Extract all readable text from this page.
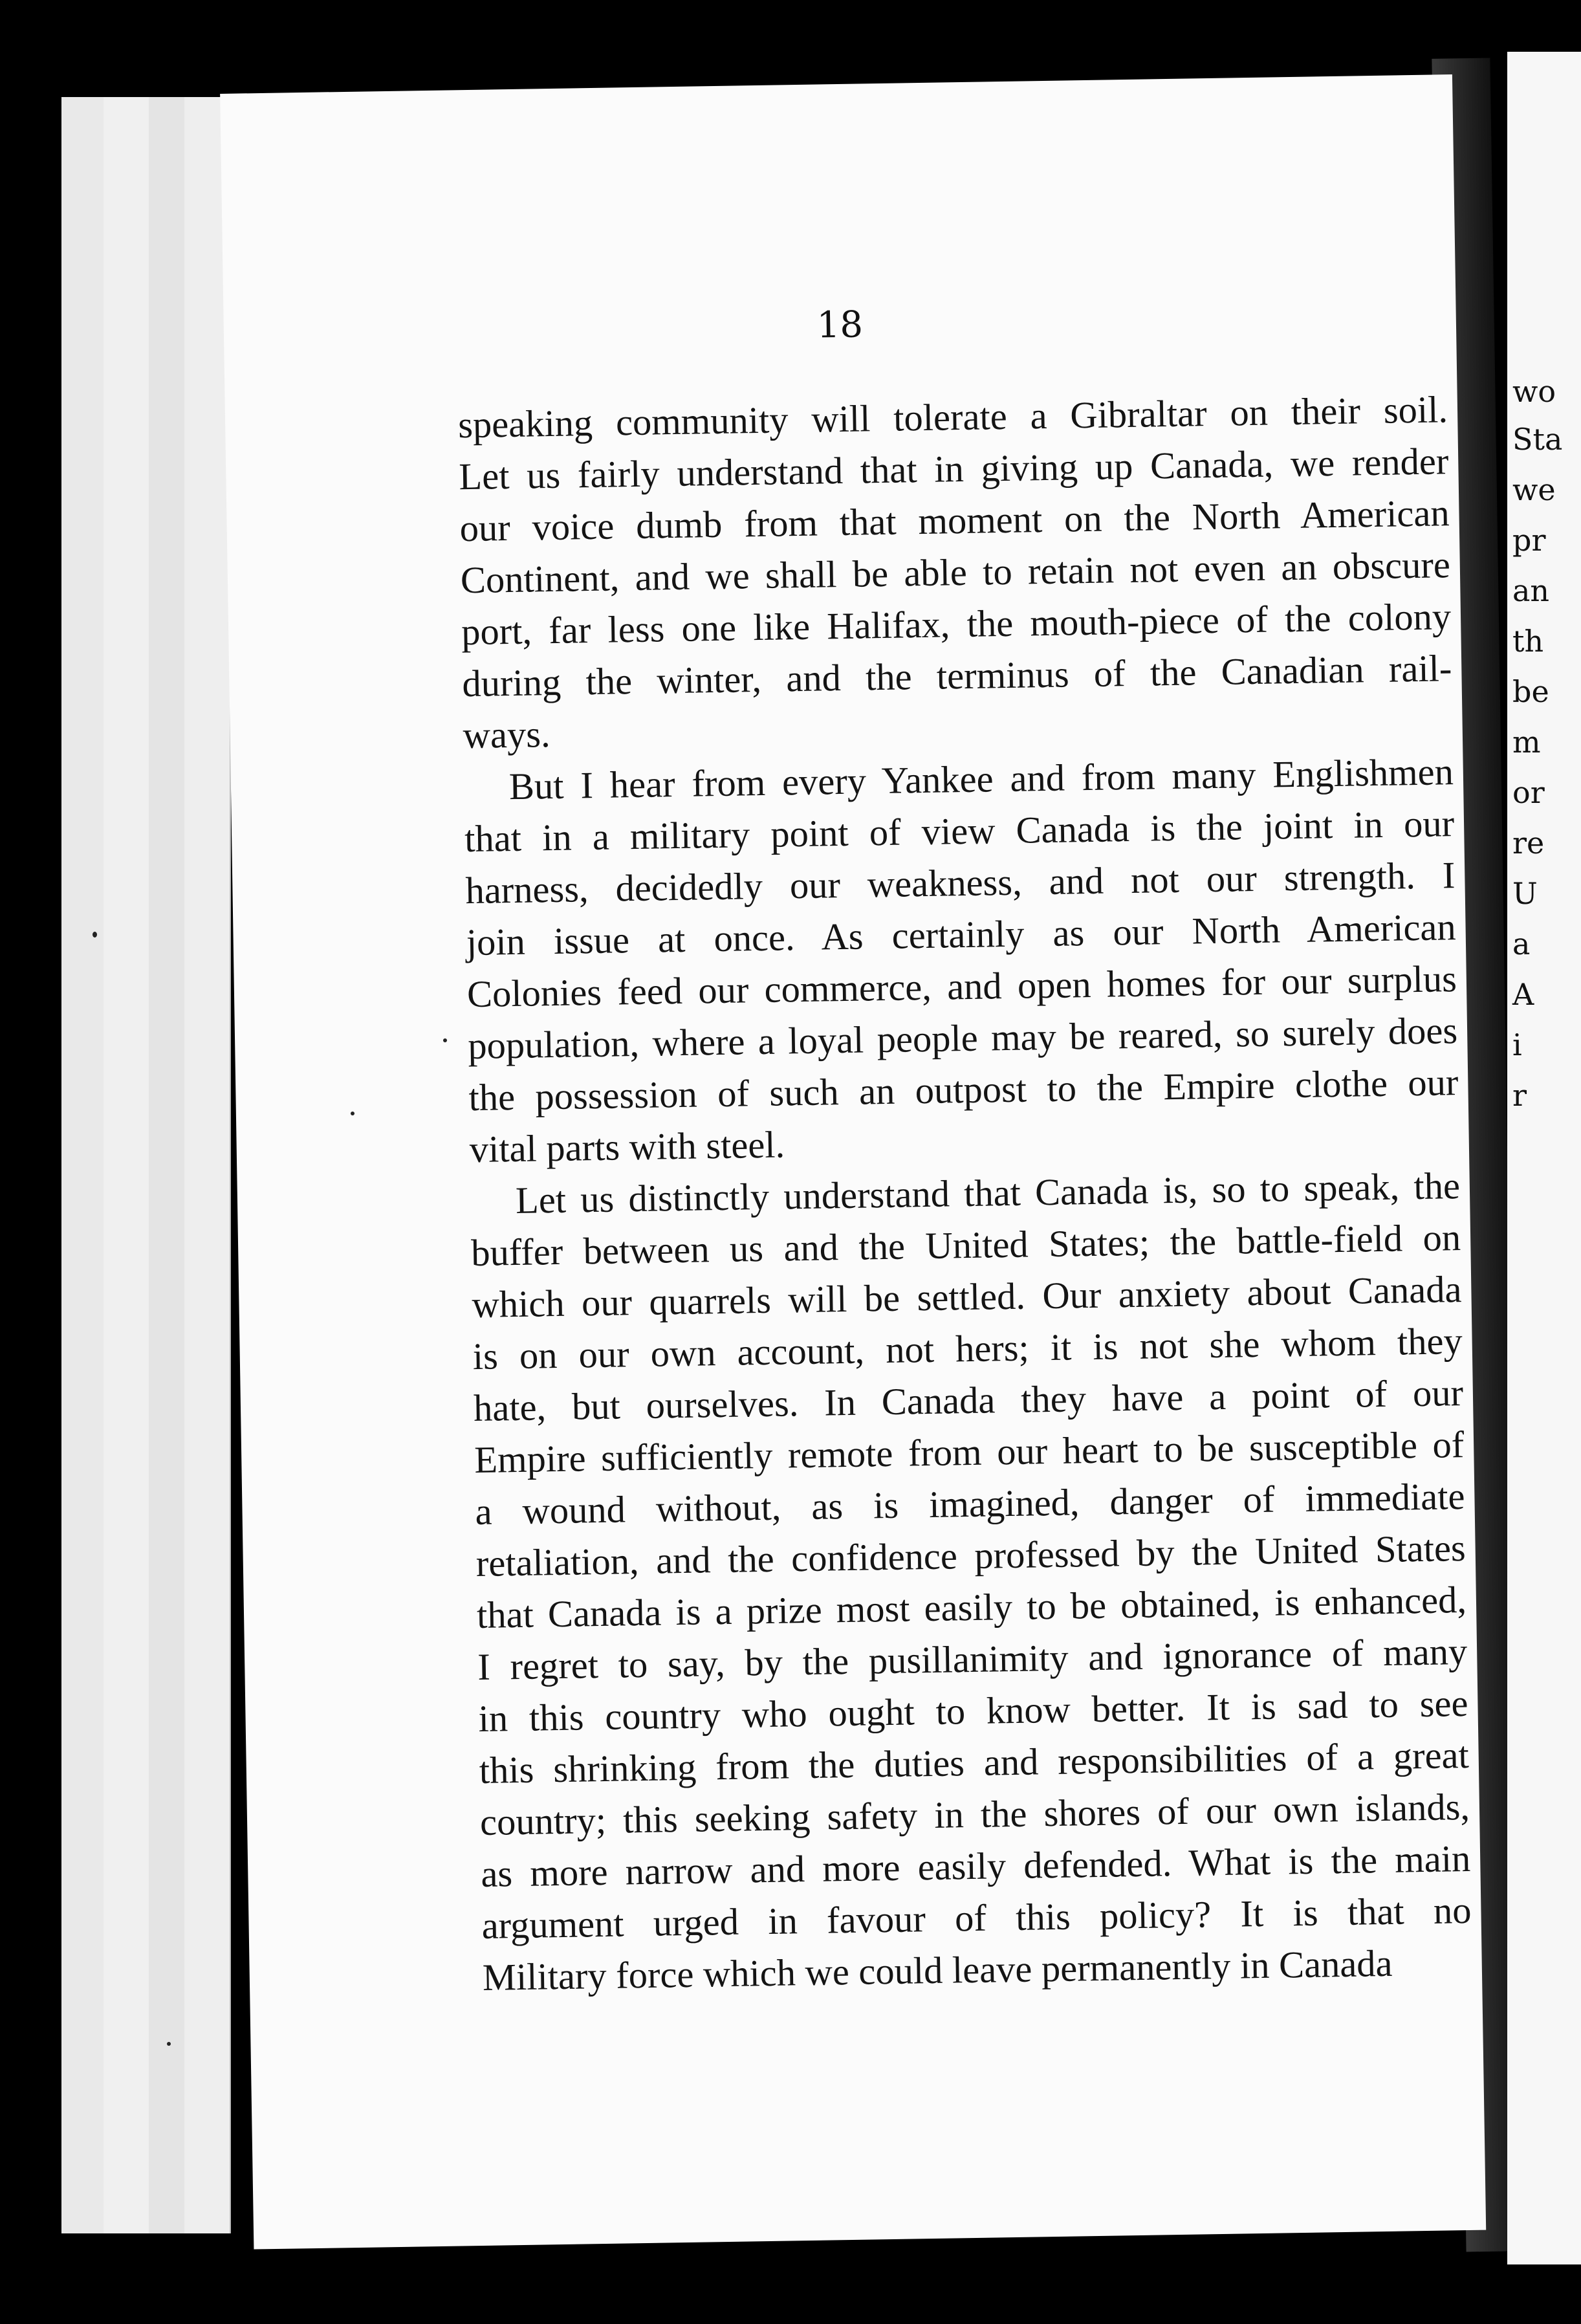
wo
Sta
we
pr
an
th
be
m
or
re
U
a
A
i
r
18
speaking community will tolerate a Gibraltar on their soil.
Let us fairly understand that in giving up Canada, we render
our voice dumb from that moment on the North American
Continent, and we shall be able to retain not even an obscure
port, far less one like Halifax, the mouth-piece of the colony
during the winter, and the terminus of the Canadian rail-
ways.
But I hear from every Yankee and from many Englishmen
that in a military point of view Canada is the joint in our
harness, decidedly our weakness, and not our strength. I
join issue at once. As certainly as our North American
Colonies feed our commerce, and open homes for our surplus
population, where a loyal people may be reared, so surely does
the possession of such an outpost to the Empire clothe our
vital parts with steel.
Let us distinctly understand that Canada is, so to speak, the
buffer between us and the United States; the battle-field on
which our quarrels will be settled. Our anxiety about Canada
is on our own account, not hers; it is not she whom they
hate, but ourselves. In Canada they have a point of our
Empire sufficiently remote from our heart to be susceptible of
a wound without, as is imagined, danger of immediate
retaliation, and the confidence professed by the United States
that Canada is a prize most easily to be obtained, is enhanced,
I regret to say, by the pusillanimity and ignorance of many
in this country who ought to know better. It is sad to see
this shrinking from the duties and responsibilities of a great
country; this seeking safety in the shores of our own islands,
as more narrow and more easily defended. What is the main
argument urged in favour of this policy? It is that no
Military force which we could leave permanently in Canada
